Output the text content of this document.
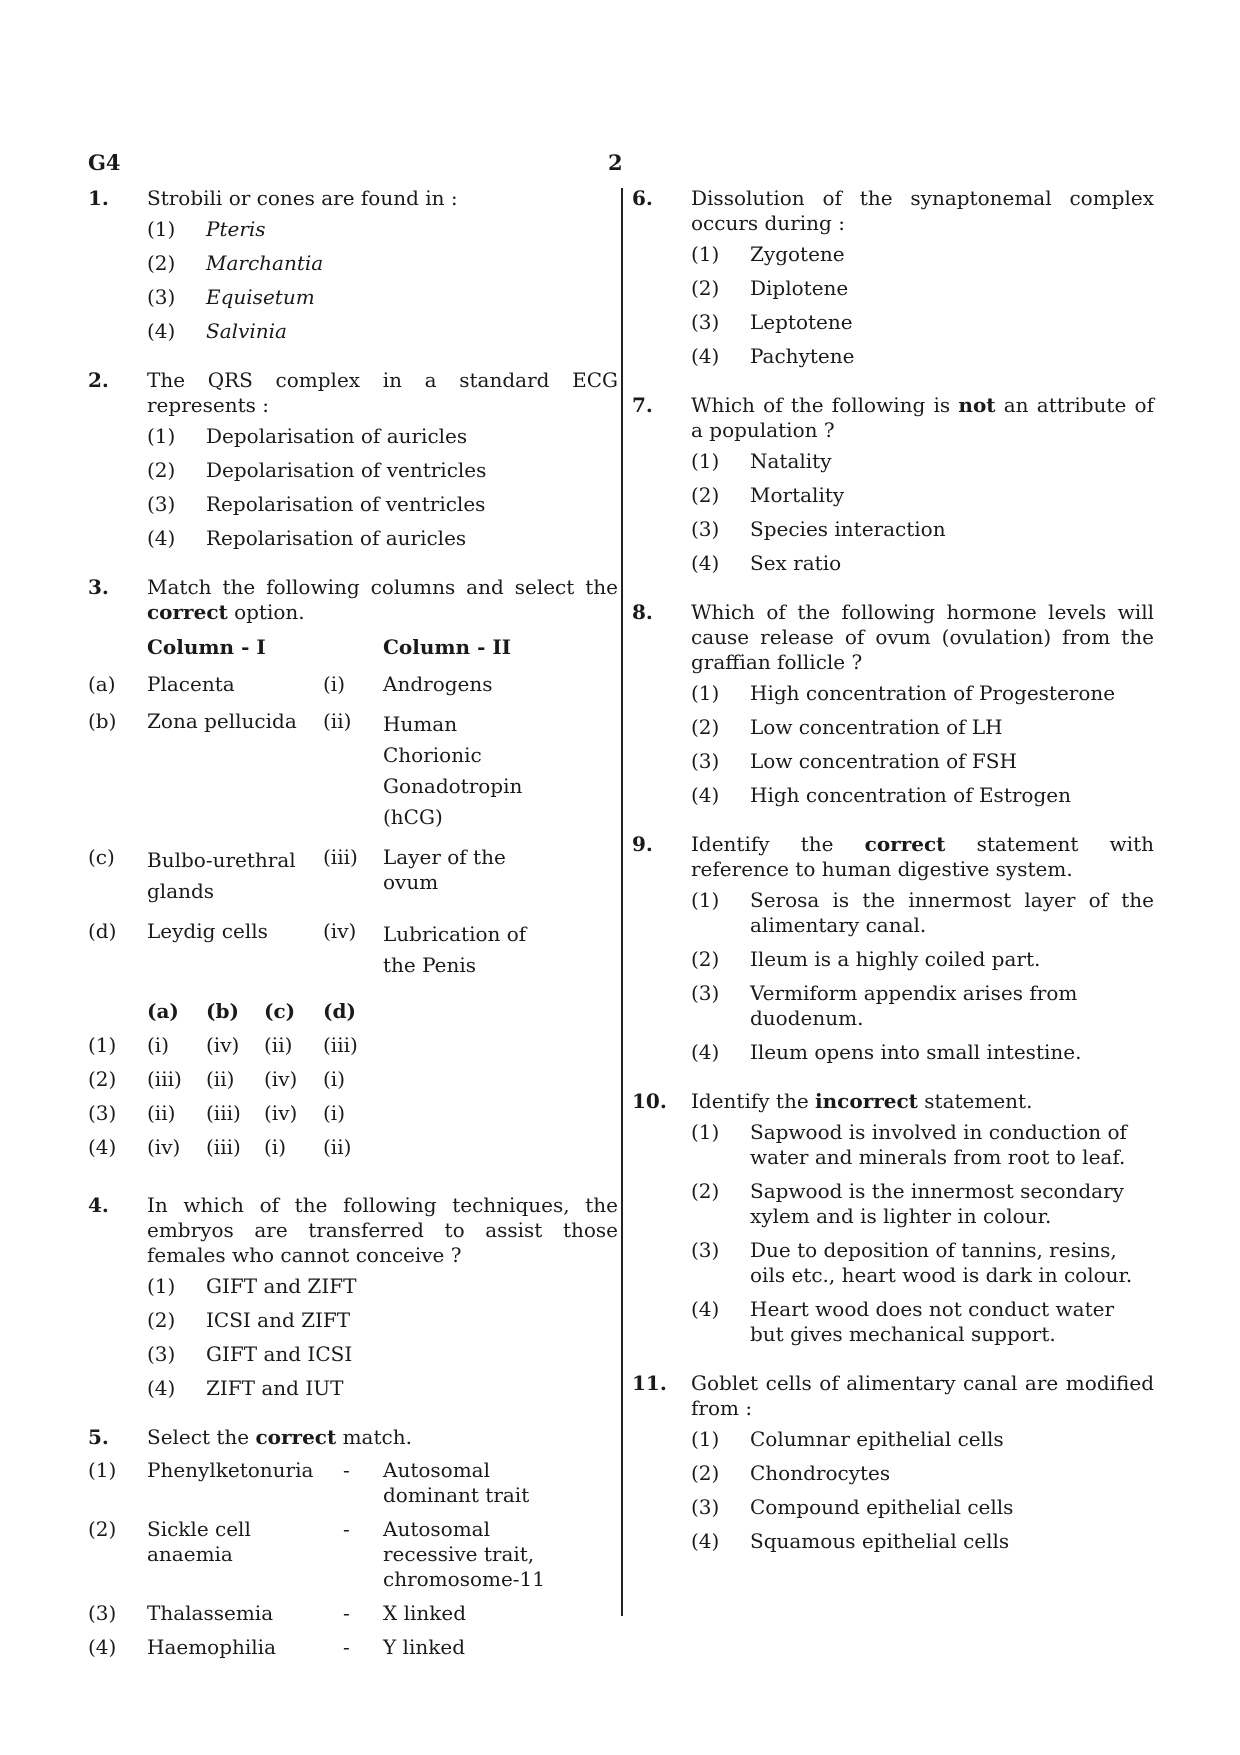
G4	2
1. Strobili or cones are found in :
(1) Pteris
(2) Marchantia
(3) Equisetum
(4) Salvinia
2. The QRS complex in a standard ECG represents :
(1) Depolarisation of auricles
(2) Depolarisation of ventricles
(3) Repolarisation of ventricles
(4) Repolarisation of auricles
3. Match the following columns and select the correct option.
	Column - I		Column - II

(a)	Placenta	(i)	Androgens

(b)	Zona pellucida	(ii)	Human Chorionic Gonadotropin (hCG)

(c)	Bulbo-urethral glands	(iii)	Layer of the ovum

(d)	Leydig cells	(iv)	Lubrication of the Penis
	(a)	(b)	(c)	(d)
(1)	(i)	(iv)	(ii)	(iii)
(2)	(iii)	(ii)	(iv)	(i)
(3)	(ii)	(iii)	(iv)	(i)
(4)	(iv)	(iii)	(i)	(ii)
4. In which of the following techniques, the embryos are transferred to assist those females who cannot conceive ?
(1) GIFT and ZIFT
(2) ICSI and ZIFT
(3) GIFT and ICSI
(4) ZIFT and IUT
5. Select the correct match.
(1)	Phenylketonuria	-	Autosomal dominant trait
(2)	Sickle cell anaemia	-	Autosomal recessive trait, chromosome-11
(3)	Thalassemia	-	X linked
(4)	Haemophilia	-	Y linked
6. Dissolution of the synaptonemal complex occurs during :
(1) Zygotene
(2) Diplotene
(3) Leptotene
(4) Pachytene
7. Which of the following is not an attribute of a population ?
(1) Natality
(2) Mortality
(3) Species interaction
(4) Sex ratio
8. Which of the following hormone levels will cause release of ovum (ovulation) from the graffian follicle ?
(1) High concentration of Progesterone
(2) Low concentration of LH
(3) Low concentration of FSH
(4) High concentration of Estrogen
9. Identify the correct statement with reference to human digestive system.
(1) Serosa is the innermost layer of the alimentary canal.
(2) Ileum is a highly coiled part.
(3) Vermiform appendix arises from duodenum.
(4) Ileum opens into small intestine.
10. Identify the incorrect statement.
(1) Sapwood is involved in conduction of water and minerals from root to leaf.
(2) Sapwood is the innermost secondary xylem and is lighter in colour.
(3) Due to deposition of tannins, resins, oils etc., heart wood is dark in colour.
(4) Heart wood does not conduct water but gives mechanical support.
11. Goblet cells of alimentary canal are modified from :
(1) Columnar epithelial cells
(2) Chondrocytes
(3) Compound epithelial cells
(4) Squamous epithelial cells
